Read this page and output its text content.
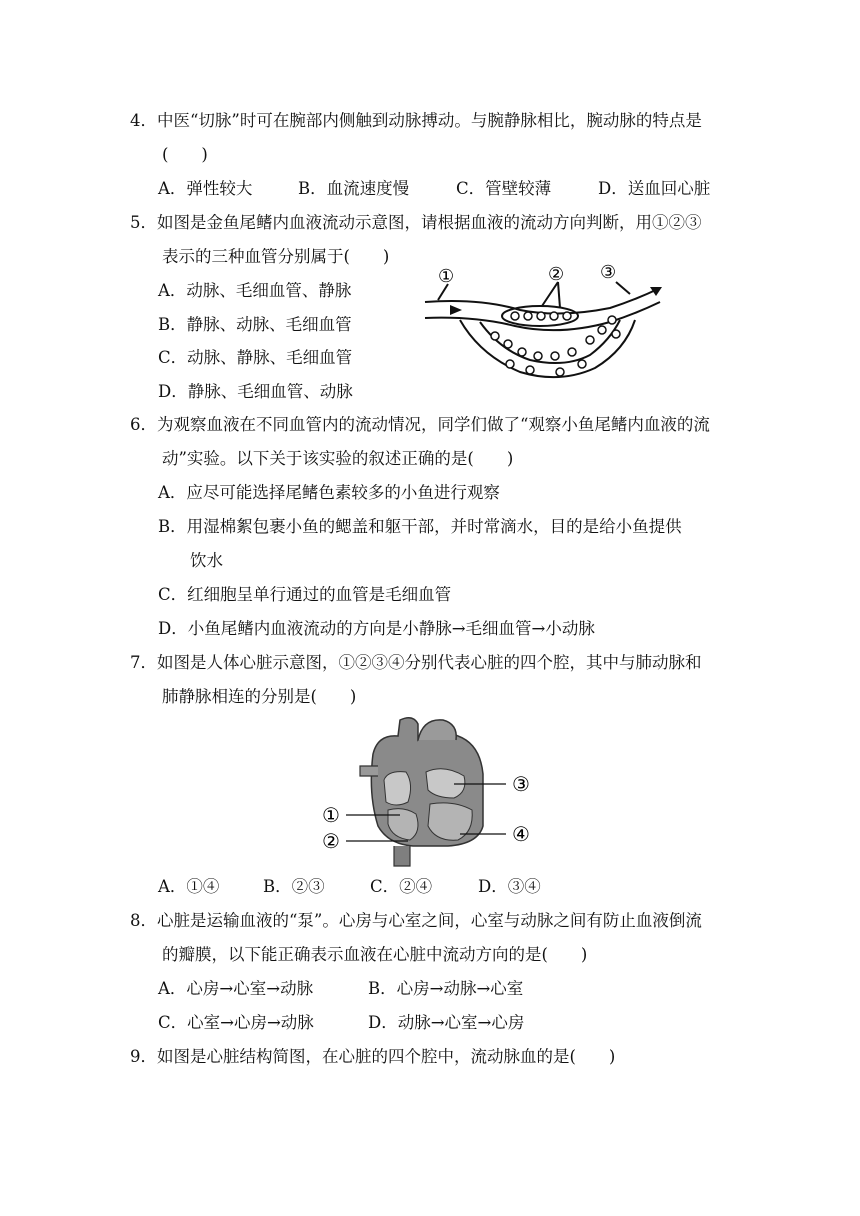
4．中医“切脉”时可在腕部内侧触到动脉搏动。与腕静脉相比，腕动脉的特点是
(　　)
A．弹性较大	B．血流速度慢	C．管壁较薄	D．送血回心脏
5．如图是金鱼尾鳍内血液流动示意图，请根据血液的流动方向判断，用①②③
表示的三种血管分别属于(　　)
A．动脉、毛细血管、静脉
B．静脉、动脉、毛细血管
C．动脉、静脉、毛细血管
D．静脉、毛细血管、动脉
①	② ③
6．为观察血液在不同血管内的流动情况，同学们做了“观察小鱼尾鳍内血液的流
动”实验。以下关于该实验的叙述正确的是(　　)
A．应尽可能选择尾鳍色素较多的小鱼进行观察
B．用湿棉絮包裹小鱼的鳃盖和躯干部，并时常滴水，目的是给小鱼提供
饮水
C．红细胞呈单行通过的血管是毛细血管
D．小鱼尾鳍内血液流动的方向是小静脉→毛细血管→小动脉
7．如图是人体心脏示意图，①②③④分别代表心脏的四个腔，其中与肺动脉和
肺静脉相连的分别是(　　)
①
②
③
④
A．①④	B．②③	C．②④	D．③④
8．心脏是运输血液的“泵”。心房与心室之间，心室与动脉之间有防止血液倒流
的瓣膜，以下能正确表示血液在心脏中流动方向的是(　　)
A．心房→心室→动脉	B．心房→动脉→心室
C．心室→心房→动脉	D．动脉→心室→心房
9．如图是心脏结构简图，在心脏的四个腔中，流动脉血的是(　　)
